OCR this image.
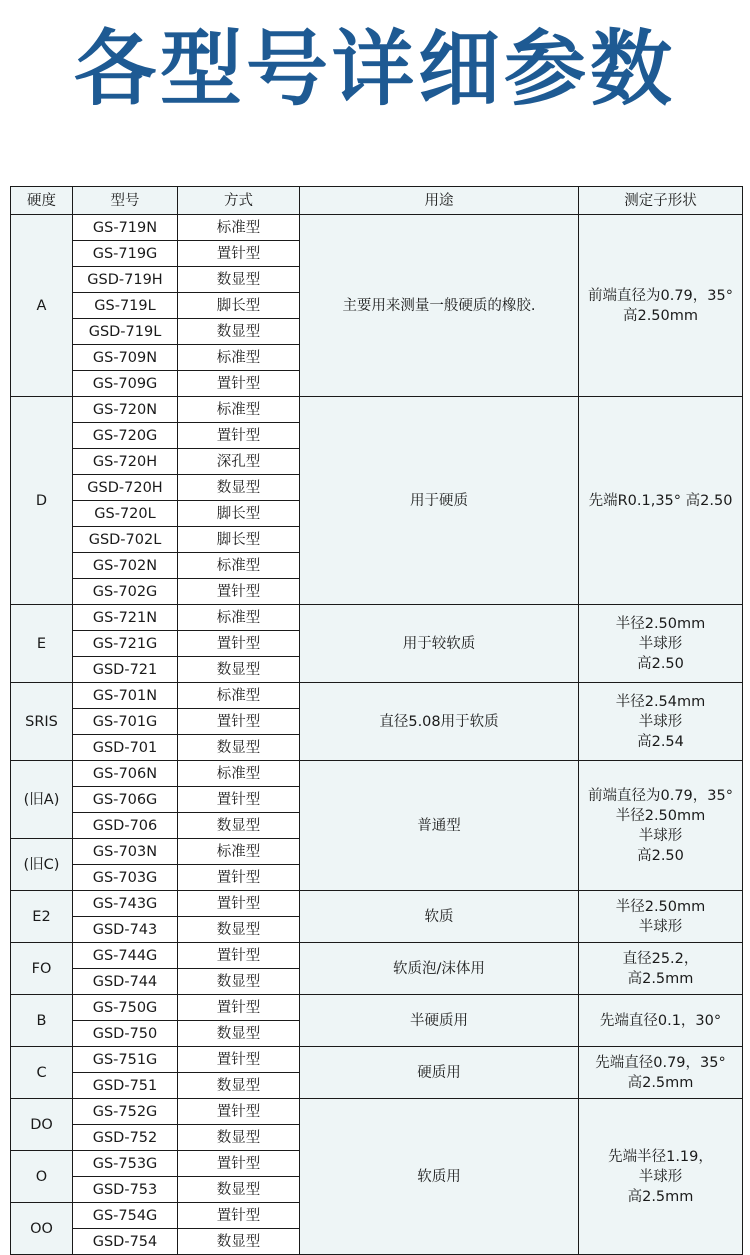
各型号详细参数
硬度	型号	方式	用途	测定子形状
A	GS-719N	标准型	主要用来测量一般硬质的橡胶.	前端直径为0.79，35°
高2.50mm
	GS-719G	置针型		
	GSD-719H	数显型		
	GS-719L	脚长型		
	GSD-719L	数显型		
	GS-709N	标准型		
	GS-709G	置针型		
D	GS-720N	标准型	用于硬质	先端R0.1,35° 高2.50
	GS-720G	置针型		
	GS-720H	深孔型		
	GSD-720H	数显型		
	GS-720L	脚长型		
	GSD-702L	脚长型		
	GS-702N	标准型		
	GS-702G	置针型		
E	GS-721N	标准型	用于较软质	半径2.50mm
半球形
高2.50
	GS-721G	置针型		
	GSD-721	数显型		
SRIS	GS-701N	标准型	直径5.08用于软质	半径2.54mm
半球形
高2.54
	GS-701G	置针型		
	GSD-701	数显型		
(旧A)	GS-706N	标准型	普通型	前端直径为0.79，35°
半径2.50mm
半球形
高2.50
	GS-706G	置针型		
	GSD-706	数显型		
(旧C)	GS-703N	标准型		
	GS-703G	置针型		
E2	GS-743G	置针型	软质	半径2.50mm
半球形
	GSD-743	数显型		
FO	GS-744G	置针型	软质泡/沫体用	直径25.2，
高2.5mm
	GSD-744	数显型		
B	GS-750G	置针型	半硬质用	先端直径0.1，30°
	GSD-750	数显型		
C	GS-751G	置针型	硬质用	先端直径0.79，35°
高2.5mm
	GSD-751	数显型		
DO	GS-752G	置针型	软质用	先端半径1.19，
半球形
高2.5mm
	GSD-752	数显型		
O	GS-753G	置针型		
	GSD-753	数显型		
OO	GS-754G	置针型		
	GSD-754	数显型		
